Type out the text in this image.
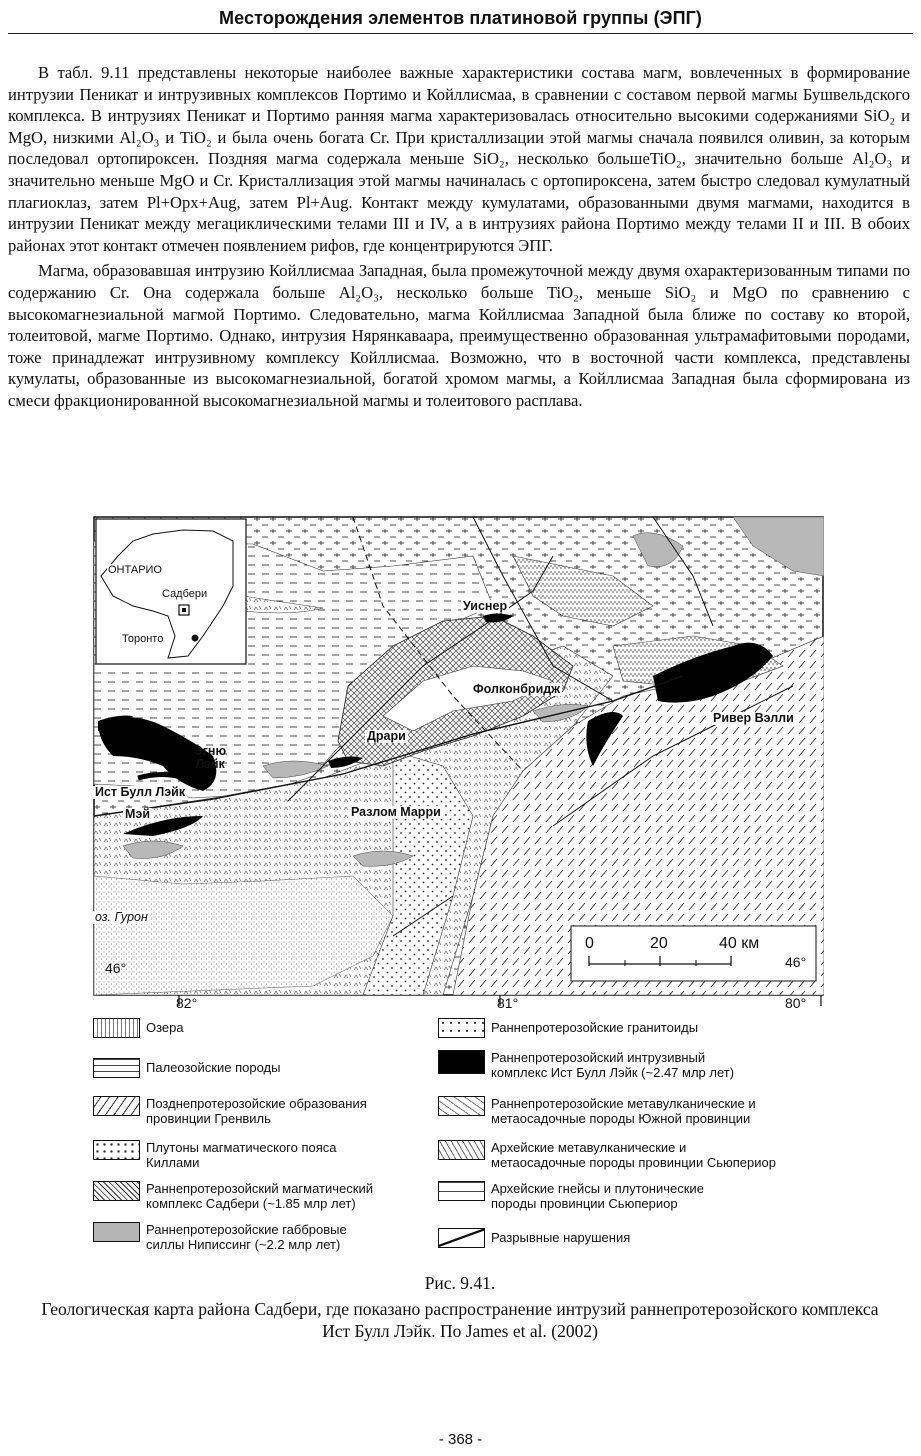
Месторождения элементов платиновой группы (ЭПГ)

В табл. 9.11 представлены некоторые наиболее важные характеристики состава магм, вовлеченных в формирование интрузии Пеникат и интрузивных комплексов Портимо и Койллисмаа, в сравнении с составом первой магмы Бушвельдского комплекса. В интрузиях Пеникат и Портимо ранняя магма характеризовалась относительно высокими содержаниями SiO₂ и MgO, низкими Al₂O₃ и TiO₂ и была очень богата Cr. При кристаллизации этой магмы сначала появился оливин, за которым последовал ортопироксен. Поздняя магма содержала меньше SiO₂, несколько большеTiO₂, значительно больше Al₂O₃ и значительно меньше MgO и Cr. Кристаллизация этой магмы начиналась с ортопироксена, затем быстро следовал кумулатный плагиоклаз, затем Pl+Opx+Aug, затем Pl+Aug. Контакт между кумулатами, образованными двумя магмами, находится в интрузии Пеникат между мегациклическими телами III и IV, а в интрузиях района Портимо между телами II и III. В обоих районах этот контакт отмечен появлением рифов, где концентрируются ЭПГ.

Магма, образовавшая интрузию Койллисмаа Западная, была промежуточной между двумя охарактеризованным типами по содержанию Cr. Она содержала больше Al₂O₃, несколько больше TiO₂, меньше SiO₂ и MgO по сравнению с высокомагнезиальной магмой Портимо. Следовательно, магма Койллисмаа Западной была ближе по составу ко второй, толеитовой, магме Портимо. Однако, интрузия Нярянкаваара, преимущественно образованная ультрамафитовыми породами, тоже принадлежат интрузивному комплексу Койллисмаа. Возможно, что в восточной части комплекса, представлены кумулаты, образованные из высокомагнезиальной, богатой хромом магмы, а Койллисмаа Западная была сформирована из смеси фракционированной высокомагнезиальной магмы и толеитового расплава.

ОНТАРИО
Садбери
Торонто
Уиснер
Фолконбридж
Ривер Вэлли
Драри
Эгню
Лэйк
Ист Булл Лэйк
Мэй	Разлом Марри
оз. Гурон
46°	46°
82°	81°	80°
0	20	40 км
Озера	Раннепротерозойские гранитоиды
Палеозойские породы
Раннепротерозойский интрузивный
комплекс Ист Булл Лэйк (~2.47 млр лет)
Позднепротерозойские образования
провинции Гренвиль
Раннепротерозойские метавулканические и
метаосадочные породы Южной провинции
Плутоны магматического пояса
Киллами
Архейские метавулканические и
метаосадочные породы провинции Сьюпериор
Раннепротерозойский магматический
комплекс Садбери (~1.85 млр лет)
Архейские гнейсы и плутонические
породы провинции Сьюпериор
Раннепротерозойские габбровые
силлы Ниписсинг (~2.2 млр лет)	Разрывные нарушения
Рис. 9.41.
Геологическая карта района Садбери, где показано распространение интрузий раннепротерозойского комплекса Ист Булл Лэйк. По James et al. (2002)
- 368 -
